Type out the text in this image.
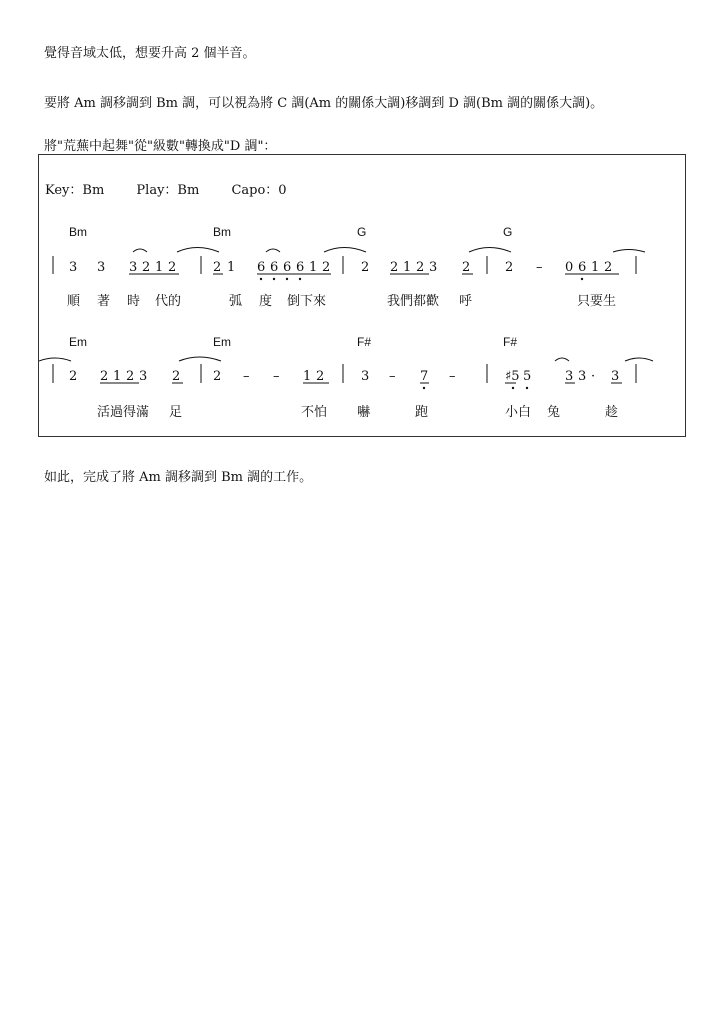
覺得音域太低，想要升高 2 個半音。
要將 Am 調移調到 Bm 調，可以視為將 C 調(Am 的關係大調)移調到 D 調(Bm 調的關係大調)。
將"荒蕪中起舞"從"級數"轉換成"D 調"：
Key：Bm Play：Bm Capo：0
Bm	Bm	G	G
順 著 時 代的	弧 度 倒下來	我們都歡 呼	只要生
Em	Em	F#	F#
活過得滿 足	不怕 嚇	跑	小白 兔	趁
3 3 3 2 1 2	2 1 6 6 6 6 1 2 2 2 1 2 3 2	2 – 0 6 1 2
2 2 1 2 3 2	2 – – 1 2	3 – 7 –	♯5 5	3 3 · 3
如此，完成了將 Am 調移調到 Bm 調的工作。
